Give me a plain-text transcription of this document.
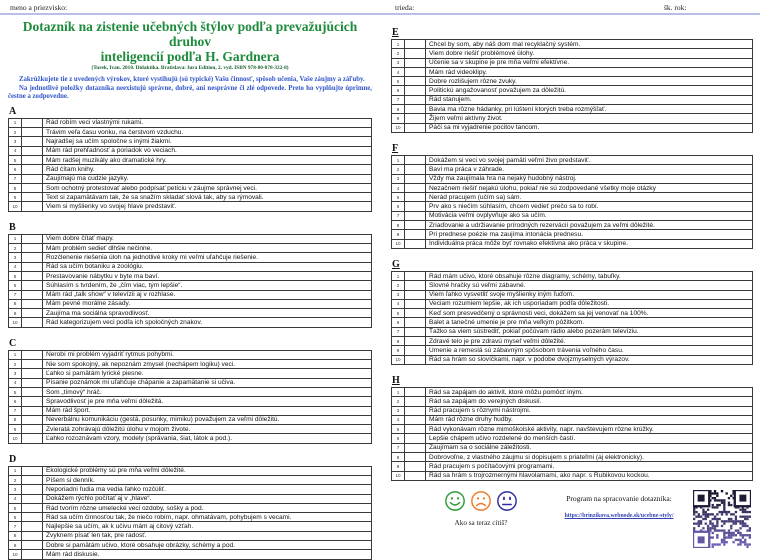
meno a priezvisko:	trieda:	šk. rok:
Dotazník na zistenie učebných štýlov podľa prevažujúcich druhov
inteligencií podľa H. Gardnera
(Turek, Ivan. 2010. Didaktika. Bratislava: Iura Edition, 2. vyd. ISBN 978-80-078-322-8)

Zakrúžkujete tie z uvedených výrokov, ktoré vystihujú (sú typické) Vašu činnosť, spôsob učenia, Vaše záujmy a záľuby.

Na jednotlivé položky dotazníka neexistujú správne, dobré, ani nesprávne či zlé odpovede. Preto ho vyplňujte úprimne, čestne a zodpovedne.

A
1		Rád robím veci vlastnými rukami.
2		Trávim veľa času vonku, na čerstvom vzduchu.
3		Najradšej sa učím spoločne s inými žiakmi.
4		Mám rád prehľadnosť a poriadok vo veciach.
5		Mám radšej muzikály ako dramatické hry.
6		Rád čítam knihy.
7		Zaujímajú ma cudzie jazyky.
8		Som ochotný protestovať alebo podpísať petíciu v záujme správnej veci.
9		Text si zapamätávam tak, že sa snažím skladať slová tak, aby sa rýmovali.
10		Viem si myšlienky vo svojej hlave predstaviť.
B
1		Viem dobre čítať mapy.
2		Mám problém sedieť dlhšie nečinne.
3		Rozčlenenie riešenia úloh na jednotlivé kroky mi veľmi uľahčuje riešenie.
4		Rád sa učím botaniku a zoológiu.
5		Prestavovanie nábytku v byte ma baví.
6		Súhlasím s tvrdením, že „čím viac, tým lepšie“.
7		Mám rád „talk show“ v televízii aj v rozhlase.
8		Mám pevné morálne zásady.
9		Zaujíma ma sociálna spravodlivosť.
10		Rád kategorizujem veci podľa ich spoločných znakov.
C
1		Nerobí mi problém vyjadriť rytmus pohybmi.
2		Nie som spokojný, ak nepoznám zmysel (nechápem logiku) veci.
3		Ľahko si pamätám lyrické piesne.
4		Písanie poznámok mi uľahčuje chápanie a zapamätanie si učiva.
5		Som „tímový“ hráč.
6		Spravodlivosť je pre mňa veľmi dôležitá.
7		Mám rád šport.
8		Neverbálnu komunikáciu (gestá, posunky, mimiku) považujem za veľmi dôležitú.
9		Zvieratá zohrávajú dôležitú úlohu v mojom živote.
10		Ľahko rozoznávam vzory, modely (správania, šiat, látok a pod.).
D
1		Ekologické problémy sú pre mňa veľmi dôležité.
2		Píšem si denník.
3		Neporiadni ľudia ma vedia ľahko rozčúliť.
4		Dokážem rýchlo počítať aj v „hlave“.
5		Rád tvorím rôzne umelecké veci ozdoby, sošky a pod.
6		Rád sa učím činnosťou tak, že niečo robím, napr. ohmatávam, pohybujem s vecami.
7		Najlepšie sa učím, ak k učivu mám aj citový vzťah.
8		Zvyknem písať len tak, pre radosť.
9		Dobre si pamätám učivo, ktoré obsahuje obrázky, schémy a pod.
10		Mám rád diskusie.
E
1		Chcel by som, aby náš dom mal recyklačný systém.
2		Viem dobre riešiť problémové úlohy.
3		Učenie sa v skupine je pre mňa veľmi efektívne.
4		Mám rád videoklipy.
5		Dobre rozlišujem rôzne zvuky.
6		Politickú angažovanosť považujem za dôležitú.
7		Rád stanujem.
8		Bavia ma rôzne hádanky, pri lúštení ktorých treba rozmýšľať.
9		Žijem veľmi aktívny život.
10		Páči sa mi vyjadrenie pocitov tancom.
F
1		Dokážem si veci vo svojej pamäti veľmi živo predstaviť.
2		Baví ma práca v záhrade.
3		Vždy ma zaujímala hra na nejaký hudobný nástroj.
4		Nezačnem riešiť nejakú úlohu, pokiaľ nie sú zodpovedané všetky moje otázky
5		Nerád pracujem (učím sa) sám.
6		Prv ako s niečím súhlasím, chcem vedieť prečo sa to robí.
7		Motivácia veľmi ovplyvňuje ako sa učím.
8		Zriaďovanie a udržiavanie prírodných rezervácií považujem za veľmi dôležité.
9		Pri prednese poézie ma zaujíma intonácia prednesu.
10		Individuálna práca môže byť rovnako efektívna ako práca v skupine.
G
1		Rád mám učivo, ktoré obsahuje rôzne diagramy, schémy, tabuľky.
2		Slovné hračky sú veľmi zábavné.
3		Viem ľahko vysvetliť svoje myšlienky iným ľuďom.
4		Veciam rozumiem lepšie, ak ich usporiadam podľa dôležitosti.
5		Keď som presvedčený o správnosti veci, dokážem sa jej venovať na 100%.
6		Balet a tanečné umenie je pre mňa veľkým pôžitkom.
7		Ťažko sa viem sústrediť, pokiaľ počúvam rádio alebo pozerám televíziu.
8		Zdravé telo je pre zdravú myseľ veľmi dôležité.
9		Umenie a remeslá sú zábavným spôsobom trávenia voľného času.
10		Rád sa hrám so slovíčkami, napr. v podobe dvojzmyselných výrazov.
H
1		Rád sa zapájam do aktivít, ktoré môžu pomôcť iným.
2		Rád sa zapájam do verejných diskusií.
3		Rád pracujem s rôznymi nástrojmi.
4		Mám rád rôzne druhy hudby.
5		Rád vykonávam rôzne mimoškolské aktivity, napr. navštevujem rôzne krúžky.
6		Lepšie chápem učivo rozdelené do menších častí.
7		Zaujímam sa o sociálne záležitosti.
8		Dobrovoľne, z vlastného záujmu si dopisujem s priateľmi (aj elektronicky).
9		Rád pracujem s počítačovými programami.
10		Rád sa hrám s trojrozmernými hlavolamami, ako napr. s Rubikovou kockou.
Ako sa teraz cítiš?
Program na spracovanie dotazníka:
https://brinzikova.webnode.sk/ucebne-styly/
